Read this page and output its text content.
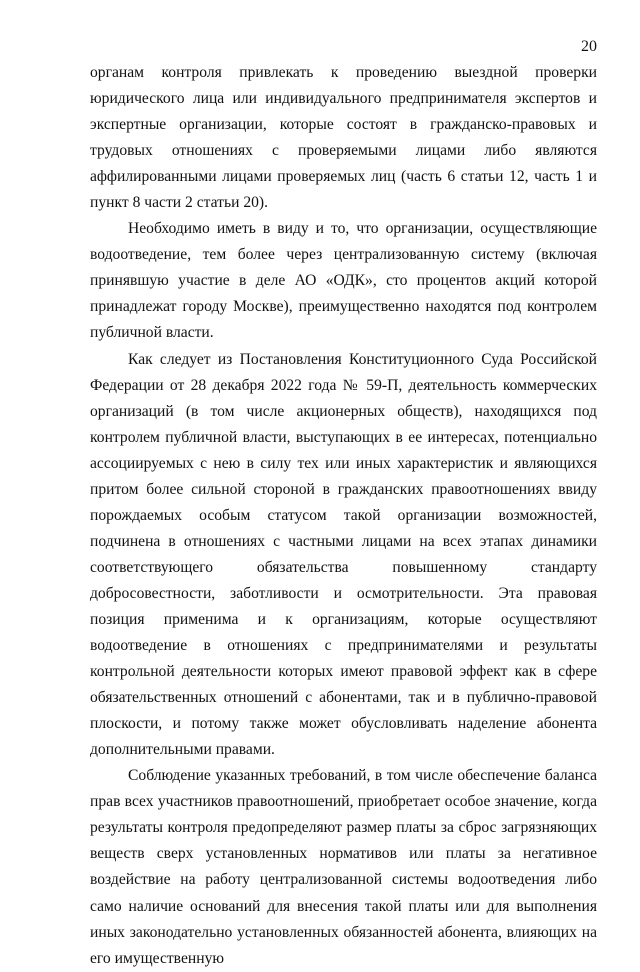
20

органам контроля привлекать к проведению выездной проверки юридического лица или индивидуального предпринимателя экспертов и экспертные организации, которые состоят в гражданско-правовых и трудовых отношениях с проверяемыми лицами либо являются аффилированными лицами проверяемых лиц (часть 6 статьи 12, часть 1 и пункт 8 части 2 статьи 20).

Необходимо иметь в виду и то, что организации, осуществляющие водоотведение, тем более через централизованную систему (включая принявшую участие в деле АО «ОДК», сто процентов акций которой принадлежат городу Москве), преимущественно находятся под контролем публичной власти.

Как следует из Постановления Конституционного Суда Российской Федерации от 28 декабря 2022 года № 59-П, деятельность коммерческих организаций (в том числе акционерных обществ), находящихся под контролем публичной власти, выступающих в ее интересах, потенциально ассоциируемых с нею в силу тех или иных характеристик и являющихся притом более сильной стороной в гражданских правоотношениях ввиду порождаемых особым статусом такой организации возможностей, подчинена в отношениях с частными лицами на всех этапах динамики соответствующего обязательства повышенному стандарту добросовестности, заботливости и осмотрительности. Эта правовая позиция применима и к организациям, которые осуществляют водоотведение в отношениях с предпринимателями и результаты контрольной деятельности которых имеют правовой эффект как в сфере обязательственных отношений с абонентами, так и в публично-правовой плоскости, и потому также может обусловливать наделение абонента дополнительными правами.

Соблюдение указанных требований, в том числе обеспечение баланса прав всех участников правоотношений, приобретает особое значение, когда результаты контроля предопределяют размер платы за сброс загрязняющих веществ сверх установленных нормативов или платы за негативное воздействие на работу централизованной системы водоотведения либо само наличие оснований для внесения такой платы или для выполнения иных законодательно установленных обязанностей абонента, влияющих на его имущественную
